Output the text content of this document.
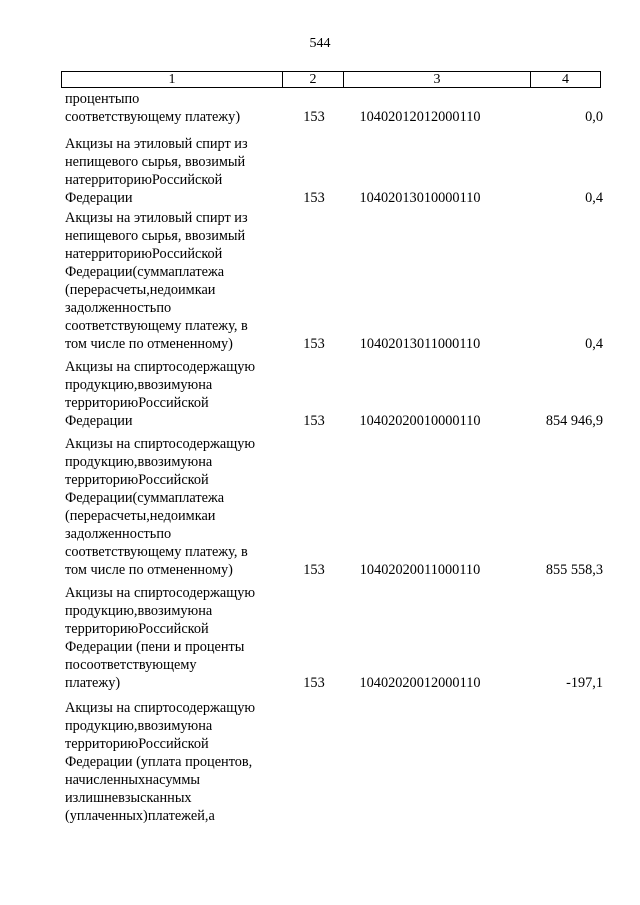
544
1	2	3	4
процентыпо
соответствующему платежу)	153	10402012012000110	0,0
Акцизы на этиловый спирт из
непищевого сырья, ввозимый
натерриториюРоссийской
Федерации	153	10402013010000110	0,4
Акцизы на этиловый спирт из
непищевого сырья, ввозимый
натерриториюРоссийской
Федерации(суммаплатежа
(перерасчеты,недоимкаи
задолженностьпо
соответствующему платежу, в
том числе по отмененному)	153	10402013011000110	0,4
Акцизы на спиртосодержащую
продукцию,ввозимуюна
территориюРоссийской
Федерации	153	10402020010000110	854 946,9
Акцизы на спиртосодержащую
продукцию,ввозимуюна
территориюРоссийской
Федерации(суммаплатежа
(перерасчеты,недоимкаи
задолженностьпо
соответствующему платежу, в
том числе по отмененному)	153	10402020011000110	855 558,3
Акцизы на спиртосодержащую
продукцию,ввозимуюна
территориюРоссийской
Федерации (пени и проценты
посоответствующему
платежу)	153	10402020012000110	-197,1
Акцизы на спиртосодержащую
продукцию,ввозимуюна
территориюРоссийской
Федерации (уплата процентов,
начисленныхнасуммы
излишневзысканных
(уплаченных)платежей,а
